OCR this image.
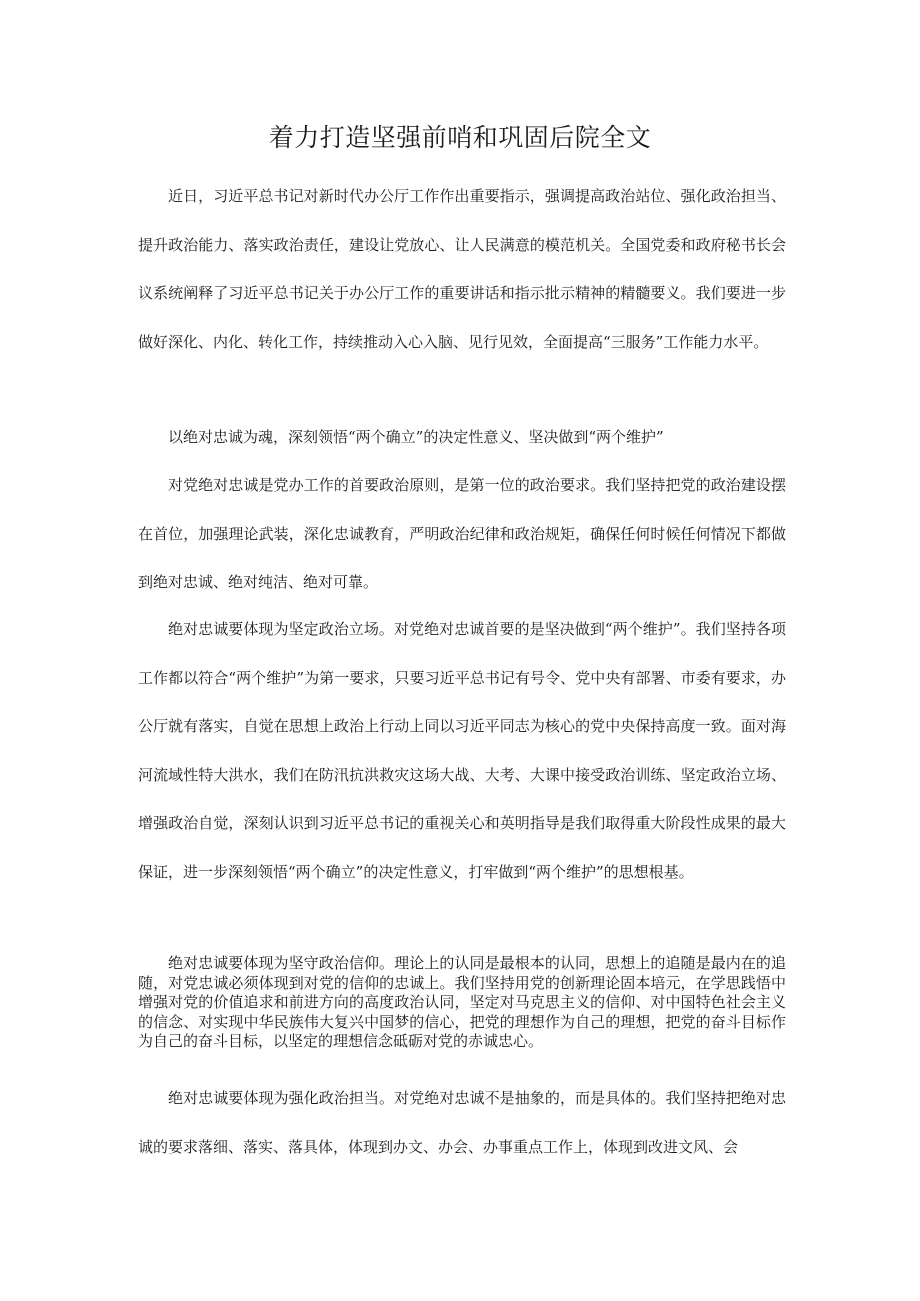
着力打造坚强前哨和巩固后院全文

近日，习近平总书记对新时代办公厅工作作出重要指示，强调提高政治站位、强化政治担当、提升政治能力、落实政治责任，建设让党放心、让人民满意的模范机关。全国党委和政府秘书长会议系统阐释了习近平总书记关于办公厅工作的重要讲话和指示批示精神的精髓要义。我们要进一步做好深化、内化、转化工作，持续推动入心入脑、见行见效，全面提高“三服务”工作能力水平。

以绝对忠诚为魂，深刻领悟“两个确立”的决定性意义、坚决做到“两个维护”

对党绝对忠诚是党办工作的首要政治原则，是第一位的政治要求。我们坚持把党的政治建设摆在首位，加强理论武装，深化忠诚教育，严明政治纪律和政治规矩，确保任何时候任何情况下都做到绝对忠诚、绝对纯洁、绝对可靠。

绝对忠诚要体现为坚定政治立场。对党绝对忠诚首要的是坚决做到“两个维护”。我们坚持各项工作都以符合“两个维护”为第一要求，只要习近平总书记有号令、党中央有部署、市委有要求，办公厅就有落实，自觉在思想上政治上行动上同以习近平同志为核心的党中央保持高度一致。面对海河流域性特大洪水，我们在防汛抗洪救灾这场大战、大考、大课中接受政治训练、坚定政治立场、增强政治自觉，深刻认识到习近平总书记的重视关心和英明指导是我们取得重大阶段性成果的最大保证，进一步深刻领悟“两个确立”的决定性意义，打牢做到“两个维护”的思想根基。

绝对忠诚要体现为坚守政治信仰。理论上的认同是最根本的认同，思想上的追随是最内在的追随，对党忠诚必须体现到对党的信仰的忠诚上。我们坚持用党的创新理论固本培元，在学思践悟中增强对党的价值追求和前进方向的高度政治认同，坚定对马克思主义的信仰、对中国特色社会主义的信念、对实现中华民族伟大复兴中国梦的信心，把党的理想作为自己的理想，把党的奋斗目标作为自己的奋斗目标，以坚定的理想信念砥砺对党的赤诚忠心。

绝对忠诚要体现为强化政治担当。对党绝对忠诚不是抽象的，而是具体的。我们坚持把绝对忠诚的要求落细、落实、落具体，体现到办文、办会、办事重点工作上，体现到改进文风、会
